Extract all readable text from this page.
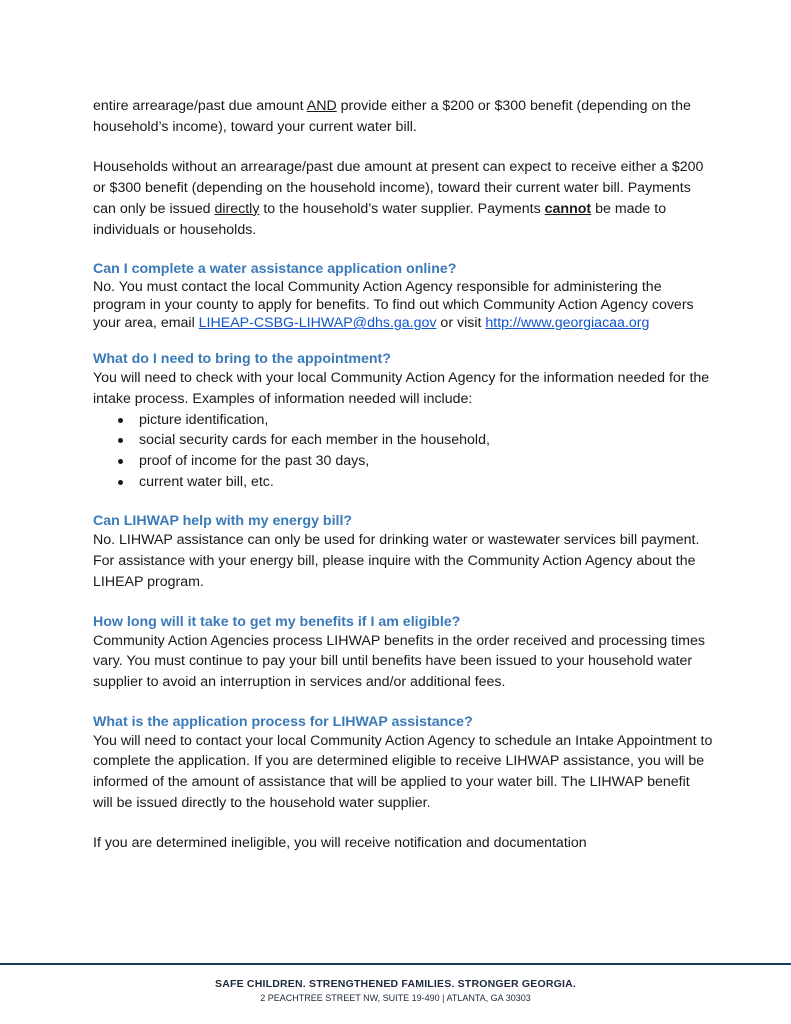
entire arrearage/past due amount AND provide either a $200 or $300 benefit (depending on the household’s income), toward your current water bill.

Households without an arrearage/past due amount at present can expect to receive either a $200 or $300 benefit (depending on the household income), toward their current water bill. Payments can only be issued directly to the household’s water supplier. Payments cannot be made to individuals or households.

Can I complete a water assistance application online?

No. You must contact the local Community Action Agency responsible for administering the program in your county to apply for benefits. To find out which Community Action Agency covers your area, email LIHEAP-CSBG-LIHWAP@dhs.ga.gov or visit http://www.georgiacaa.org

What do I need to bring to the appointment?

You will need to check with your local Community Action Agency for the information needed for the intake process. Examples of information needed will include:

picture identification,
social security cards for each member in the household,
proof of income for the past 30 days,
current water bill, etc.
Can LIHWAP help with my energy bill?

No. LIHWAP assistance can only be used for drinking water or wastewater services bill payment. For assistance with your energy bill, please inquire with the Community Action Agency about the LIHEAP program.

How long will it take to get my benefits if I am eligible?

Community Action Agencies process LIHWAP benefits in the order received and processing times vary. You must continue to pay your bill until benefits have been issued to your household water supplier to avoid an interruption in services and/or additional fees.

What is the application process for LIHWAP assistance?

You will need to contact your local Community Action Agency to schedule an Intake Appointment to complete the application. If you are determined eligible to receive LIHWAP assistance, you will be informed of the amount of assistance that will be applied to your water bill. The LIHWAP benefit will be issued directly to the household water supplier.

If you are determined ineligible, you will receive notification and documentation

SAFE CHILDREN. STRENGTHENED FAMILIES. STRONGER GEORGIA.
2 PEACHTREE STREET NW, SUITE 19-490 | ATLANTA, GA 30303
